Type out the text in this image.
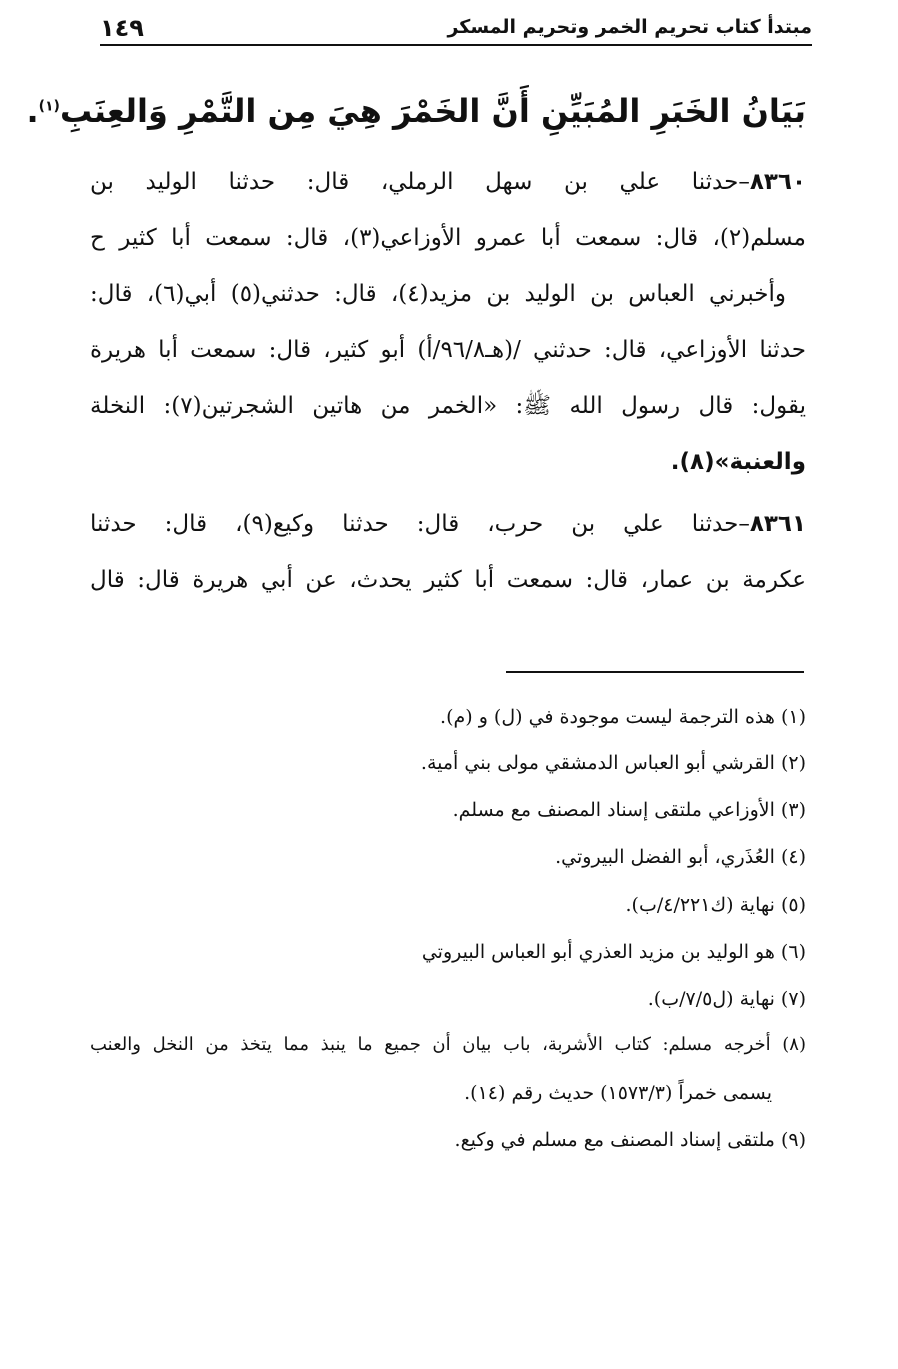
مبتدأ كتاب تحريم الخمر وتحريم المسكر
١٤٩
بَيَانُ الخَبَرِ المُبَيِّنِ أَنَّ الخَمْرَ هِيَ مِن التَّمْرِ وَالعِنَبِ$^{(١)}$.
٨٣٦٠–حدثنا علي بن سهل الرملي، قال: حدثنا الوليد بن
مسلم(٢)، قال: سمعت أبا عمرو الأوزاعي(٣)، قال: سمعت أبا كثير ح
وأخبرني العباس بن الوليد بن مزيد(٤)، قال: حدثني(٥) أبي(٦)، قال:
حدثنا الأوزاعي، قال: حدثني /(هـ٩٦/٨/أ) أبو كثير، قال: سمعت أبا هريرة
يقول: قال رسول الله ﷺ: «الخمر من هاتين الشجرتين(٧): النخلة
والعنبة»(٨).
٨٣٦١–حدثنا علي بن حرب، قال: حدثنا وكيع(٩)، قال: حدثنا
عكرمة بن عمار، قال: سمعت أبا كثير يحدث، عن أبي هريرة قال: قال
(١) هذه الترجمة ليست موجودة في (ل) و (م).
(٢) القرشي أبو العباس الدمشقي مولى بني أمية.
(٣) الأوزاعي ملتقى إسناد المصنف مع مسلم.
(٤) العُذَري، أبو الفضل البيروتي.
(٥) نهاية (ك٤/٢٢١/ب).
(٦) هو الوليد بن مزيد العذري أبو العباس البيروتي
(٧) نهاية (ل٧/٥/ب).
(٨) أخرجه مسلم: كتاب الأشربة، باب بيان أن جميع ما ينبذ مما يتخذ من النخل والعنب
يسمى خمراً (١٥٧٣/٣) حديث رقم (١٤).
(٩) ملتقى إسناد المصنف مع مسلم في وكيع.
